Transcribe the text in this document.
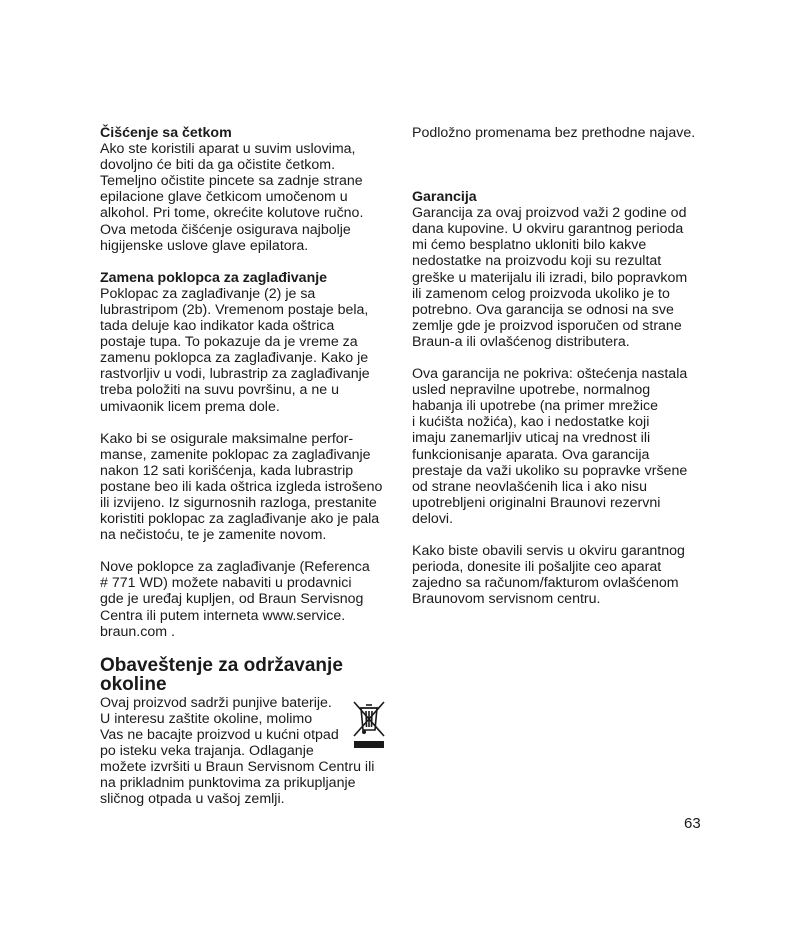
Čišćenje sa četkom

Ako ste koristili aparat u suvim uslovima,
dovoljno će biti da ga očistite četkom.
Temeljno očistite pincete sa zadnje strane
epilacione glave četkicom umočenom u
alkohol. Pri tome, okrećite kolutove ručno.
Ova metoda čišćenje osigurava najbolje
higijenske uslove glave epilatora.

Zamena poklopca za zaglađivanje

Poklopac za zaglađivanje (2) je sa
lubrastripom (2b). Vremenom postaje bela,
tada deluje kao indikator kada oštrica
postaje tupa. To pokazuje da je vreme za
zamenu poklopca za zaglađivanje. Kako je
rastvorljiv u vodi, lubrastrip za zaglađivanje
treba položiti na suvu površinu, a ne u
umivaonik licem prema dole.

Kako bi se osigurale maksimalne perfor-
manse, zamenite poklopac za zaglađivanje
nakon 12 sati korišćenja, kada lubrastrip
postane beo ili kada oštrica izgleda istrošeno
ili izvijeno. Iz sigurnosnih razloga, prestanite
koristiti poklopac za zaglađivanje ako je pala
na nečistoću, te je zamenite novom.

Nove poklopce za zaglađivanje (Referenca
# 771 WD) možete nabaviti u prodavnici
gde je uređaj kupljen, od Braun Servisnog
Centra ili putem interneta www.service.
braun.com .

Obaveštenje za održavanje
okoline

Ovaj proizvod sadrži punjive baterije.
U interesu zaštite okoline, molimo
Vas ne bacajte proizvod u kućni otpad
po isteku veka trajanja. Odlaganje
možete izvršiti u Braun Servisnom Centru ili
na prikladnim punktovima za prikupljanje
sličnog otpada u vašoj zemlji.

Podložno promenama bez prethodne najave.

Garancija

Garancija za ovaj proizvod važi 2 godine od
dana kupovine. U okviru garantnog perioda
mi ćemo besplatno ukloniti bilo kakve
nedostatke na proizvodu koji su rezultat
greške u materijalu ili izradi, bilo popravkom
ili zamenom celog proizvoda ukoliko je to
potrebno. Ova garancija se odnosi na sve
zemlje gde je proizvod isporučen od strane
Braun-a ili ovlašćenog distributera.

Ova garancija ne pokriva: oštećenja nastala
usled nepravilne upotrebe, normalnog
habanja ili upotrebe (na primer mrežice
i kućišta nožića), kao i nedostatke koji
imaju zanemarljiv uticaj na vrednost ili
funkcionisanje aparata. Ova garancija
prestaje da važi ukoliko su popravke vršene
od strane neovlašćenih lica i ako nisu
upotrebljeni originalni Braunovi rezervni
delovi.

Kako biste obavili servis u okviru garantnog
perioda, donesite ili pošaljite ceo aparat
zajedno sa računom/fakturom ovlašćenom
Braunovom servisnom centru.

63
